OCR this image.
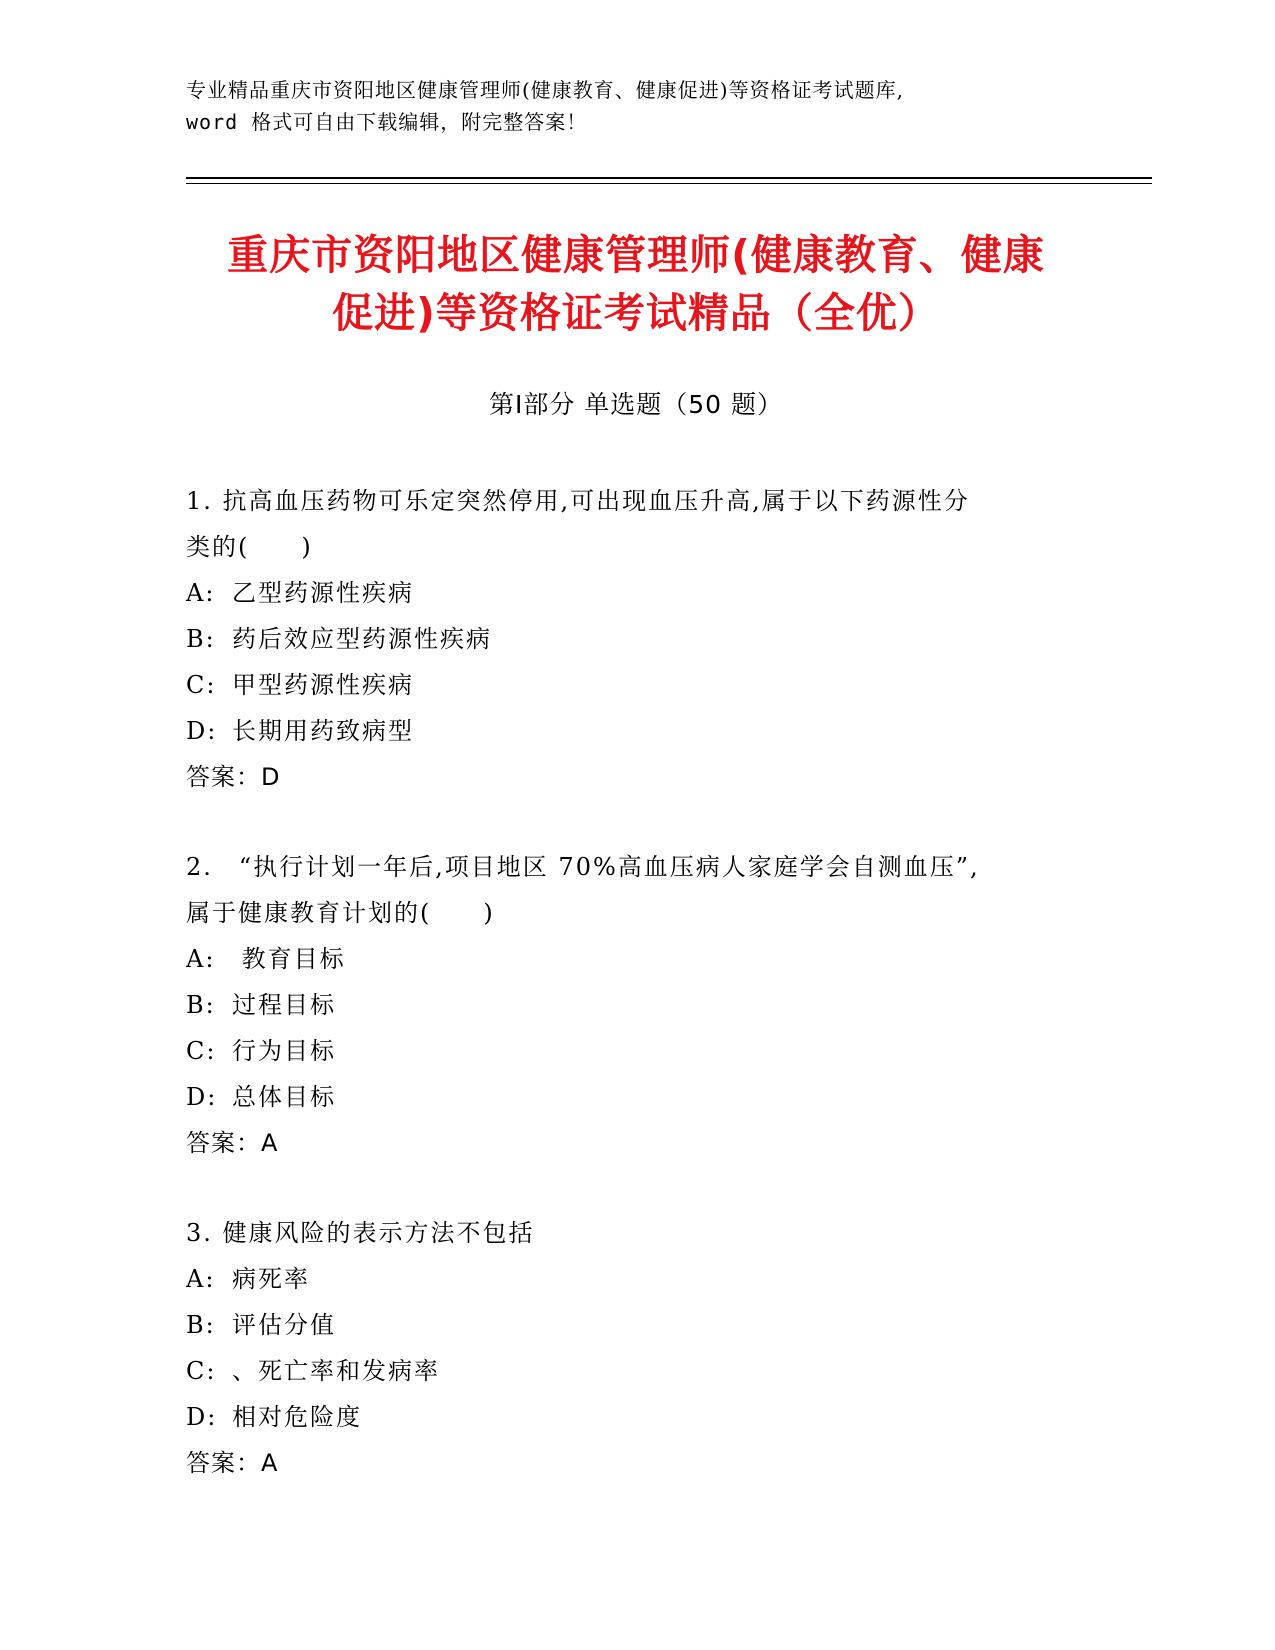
专业精品重庆市资阳地区健康管理师(健康教育、健康促进)等资格证考试题库,
word 格式可自由下载编辑，附完整答案！
重庆市资阳地区健康管理师(健康教育、健康
促进)等资格证考试精品（全优）
第Ⅰ部分 单选题（50 题）
1. 抗高血压药物可乐定突然停用,可出现血压升高,属于以下药源性分
类的(　　)
A: 乙型药源性疾病
B: 药后效应型药源性疾病
C: 甲型药源性疾病
D: 长期用药致病型
答案：D
2.　“执行计划一年后,项目地区 70%高血压病人家庭学会自测血压”,
属于健康教育计划的(　　)
A: 教育目标
B: 过程目标
C: 行为目标
D: 总体目标
答案：A
3. 健康风险的表示方法不包括
A: 病死率
B: 评估分值
C: 、死亡率和发病率
D: 相对危险度
答案：A
